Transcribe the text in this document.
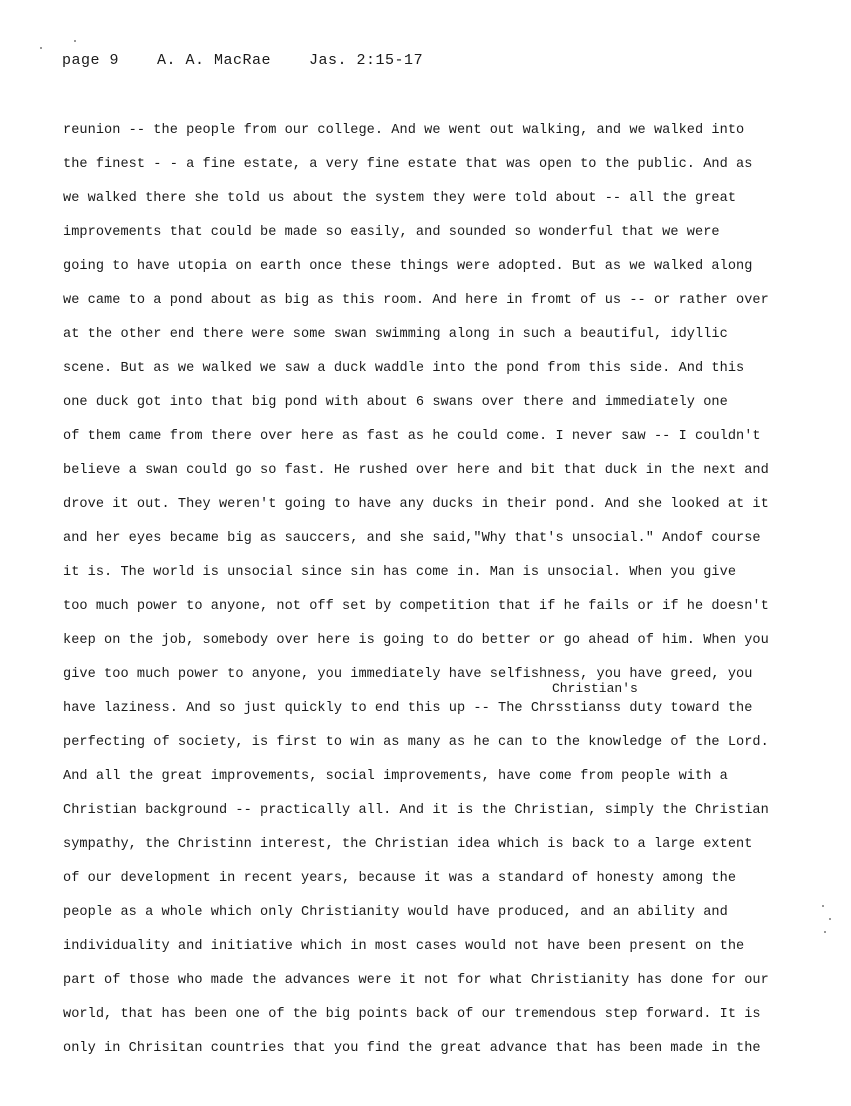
page 9	A. A. MacRae	Jas. 2:15-17
Christian's
reunion -- the people from our college. And we went out walking, and we walked into
the finest - - a fine estate, a very fine estate that was open to the public. And as
we walked there she told us about the system they were told about -- all the great
improvements that could be made so easily, and sounded so wonderful that we were
going to have utopia on earth once these things were adopted. But as we walked along
we came to a pond about as big as this room. And here in fromt of us -- or rather over
at the other end there were some swan swimming along in such a beautiful, idyllic
scene. But as we walked we saw a duck waddle into the pond from this side. And this
one duck got into that big pond with about 6 swans over there and immediately one
of them came from there over here as fast as he could come. I never saw -- I couldn't
believe a swan could go so fast. He rushed over here and bit that duck in the next and
drove it out. They weren't going to have any ducks in their pond. And she looked at it
and her eyes became big as sauccers, and she said,"Why that's unsocial." Andof course
it is. The world is unsocial since sin has come in. Man is unsocial. When you give
too much power to anyone, not off set by competition that if he fails or if he doesn't
keep on the job, somebody over here is going to do better or go ahead of him. When you
give too much power to anyone, you immediately have selfishness, you have greed, you
have laziness. And so just quickly to end this up -- The Chrsstianss duty toward the
perfecting of society, is first to win as many as he can to the knowledge of the Lord.
And all the great improvements, social improvements, have come from people with a
Christian background -- practically all. And it is the Christian, simply the Christian
sympathy, the Christinn interest, the Christian idea which is back to a large extent
of our development in recent years, because it was a standard of honesty among the
people as a whole which only Christianity would have produced, and an ability and
individuality and initiative which in most cases would not have been present on the
part of those who made the advances were it not for what Christianity has done for our
world, that has been one of the big points back of our tremendous step forward. It is
only in Chrisitan countries that you find the great advance that has been made in the
